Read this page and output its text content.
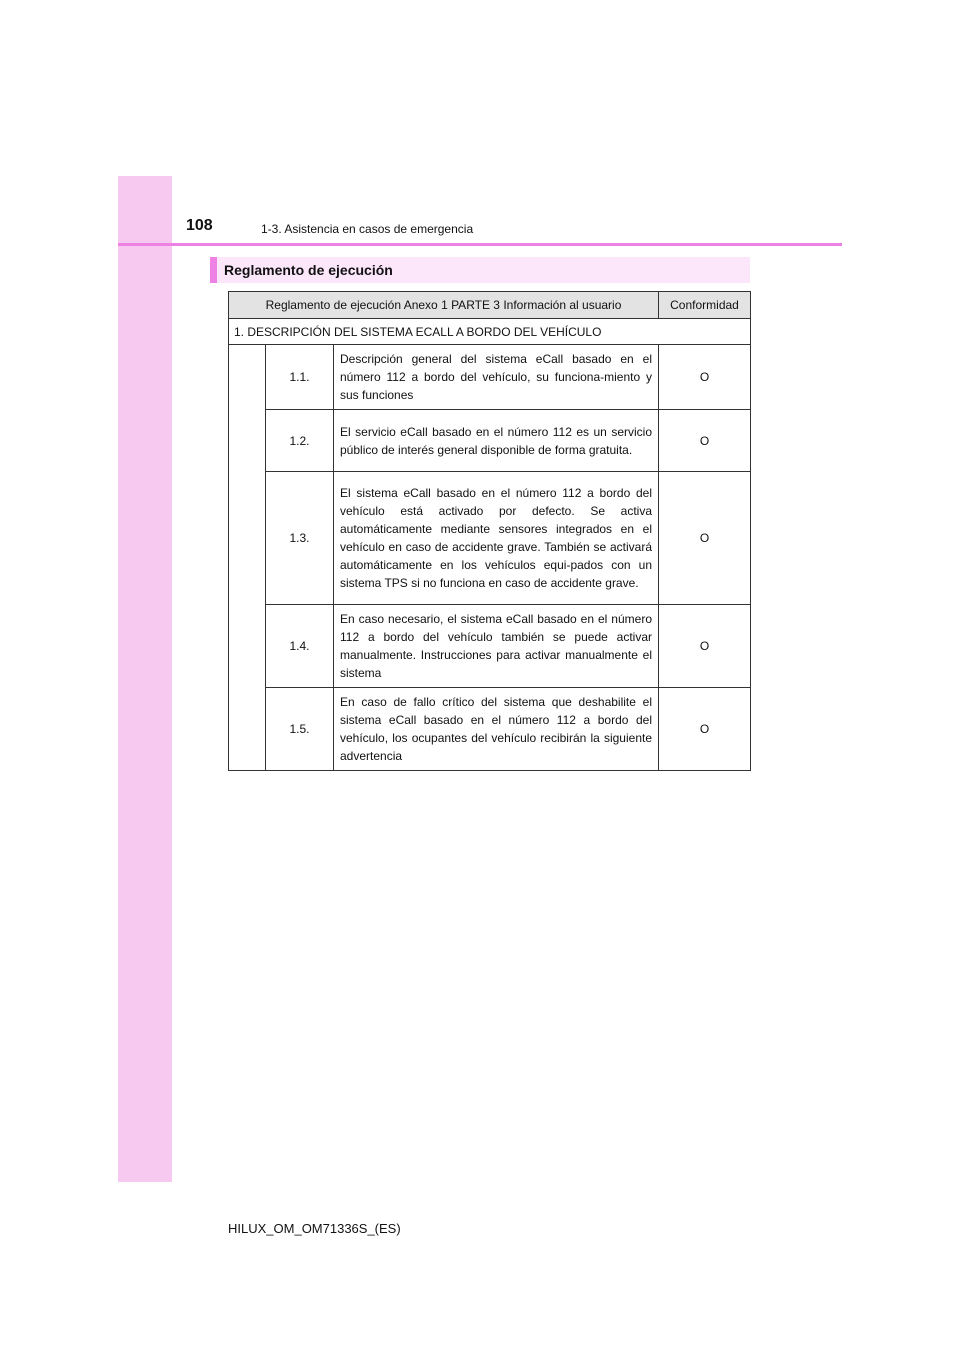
108	1-3. Asistencia en casos de emergencia
Reglamento de ejecución
Reglamento de ejecución Anexo 1 PARTE 3 Información al usuario			Conformidad
1. DESCRIPCIÓN DEL SISTEMA ECALL A BORDO DEL VEHÍCULO			
	1.1.	Descripción general del sistema eCall basado en el número 112 a bordo del vehículo, su funciona-miento y sus funciones	O
	1.2.	El servicio eCall basado en el número 112 es un servicio público de interés general disponible de forma gratuita.	O
	1.3.	El sistema eCall basado en el número 112 a bordo del vehículo está activado por defecto. Se activa automáticamente mediante sensores integrados en el vehículo en caso de accidente grave. También se activará automáticamente en los vehículos equi-pados con un sistema TPS si no funciona en caso de accidente grave.	O
	1.4.	En caso necesario, el sistema eCall basado en el número 112 a bordo del vehículo también se puede activar manualmente. Instrucciones para activar manualmente el sistema	O
	1.5.	En caso de fallo crítico del sistema que deshabilite el sistema eCall basado en el número 112 a bordo del vehículo, los ocupantes del vehículo recibirán la siguiente advertencia	O
HILUX_OM_OM71336S_(ES)
